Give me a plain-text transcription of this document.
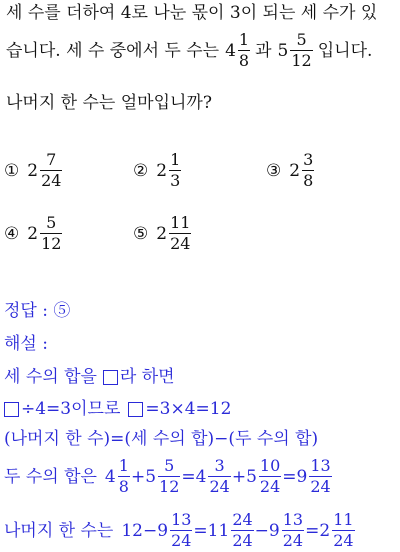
세 수를 더하여 4로 나눈 몫이 3이 되는 세 수가 있
습니다. 세 수 중에서 두 수는 $4 \frac{1}{8}$ 과 $5 \frac{5}{12}$ 입니다.
나머지 한 수는 얼마입니까?
① $2 \frac{7}{24}$	② $2 \frac{1}{3}$	③ $2 \frac{3}{8}$
④ $2 \frac{5}{12}$	⑤ $2 \frac{11}{24}$
정답 : ⑤
해설 :
세 수의 합을 라 하면
÷4=3이므로 =3×4=12
(나머지 한 수)=(세 수의 합)−(두 수의 합)
두 수의 합은 $4 \frac{1}{8} + 5 \frac{5}{12} = 4 \frac{3}{24} + 5 \frac{10}{24} = 9 \frac{13}{24}$
나머지 한 수는 $12- 9 \frac{13}{24} = 11 \frac{24}{24} - 9 \frac{13}{24} = 2 \frac{11}{24}$
